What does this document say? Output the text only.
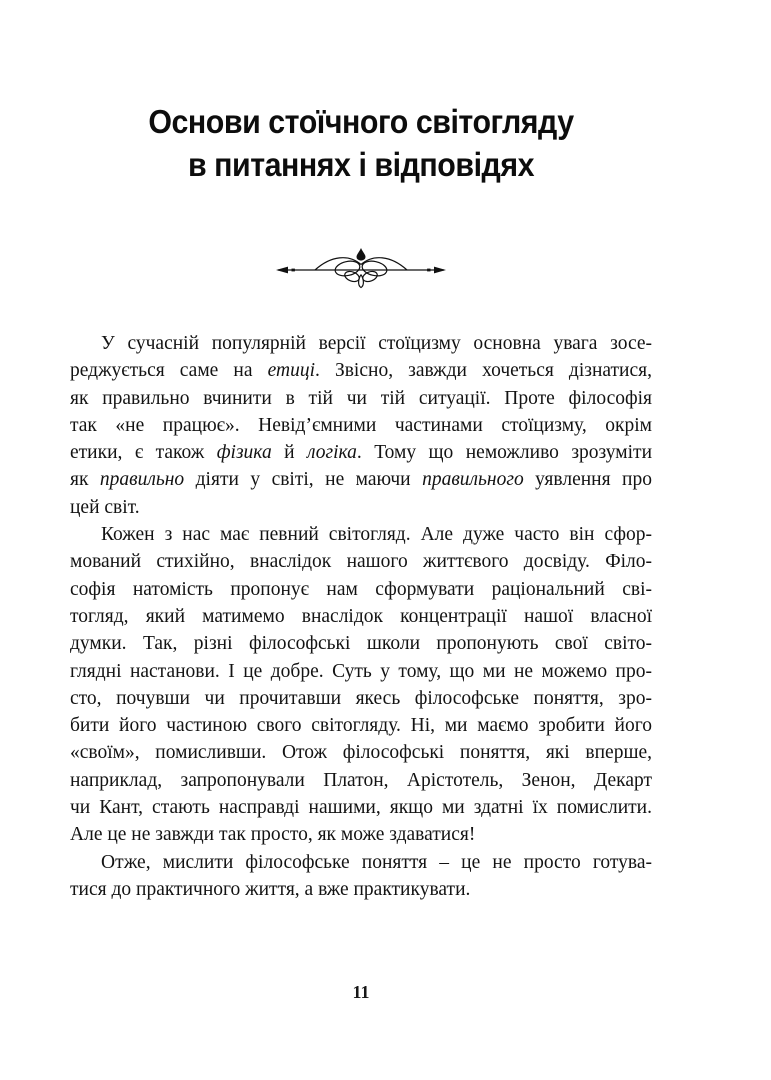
Основи стоїчного світогляду
в питаннях і відповідях
У сучасній популярній версії стоїцизму основна увага зосе-
реджується саме на етиці. Звісно, завжди хочеться дізнатися,
як правильно вчинити в тій чи тій ситуації. Проте філософія
так «не працює». Невід’ємними частинами стоїцизму, окрім
етики, є також фізика й логіка. Тому що неможливо зрозуміти
як правильно діяти у світі, не маючи правильного уявлення про
цей світ.
Кожен з нас має певний світогляд. Але дуже часто він сфор-
мований стихійно, внаслідок нашого життєвого досвіду. Філо-
софія натомість пропонує нам сформувати раціональний сві-
тогляд, який матимемо внаслідок концентрації нашої власної
думки. Так, різні філософські школи пропонують свої світо-
глядні настанови. І це добре. Суть у тому, що ми не можемо про-
сто, почувши чи прочитавши якесь філософське поняття, зро-
бити його частиною свого світогляду. Ні, ми маємо зробити його
«своїм», помисливши. Отож філософські поняття, які вперше,
наприклад, запропонували Платон, Арістотель, Зенон, Декарт
чи Кант, стають насправді нашими, якщо ми здатні їх помислити.
Але це не завжди так просто, як може здаватися!
Отже, мислити філософське поняття – це не просто готува-
тися до практичного життя, а вже практикувати.
11
